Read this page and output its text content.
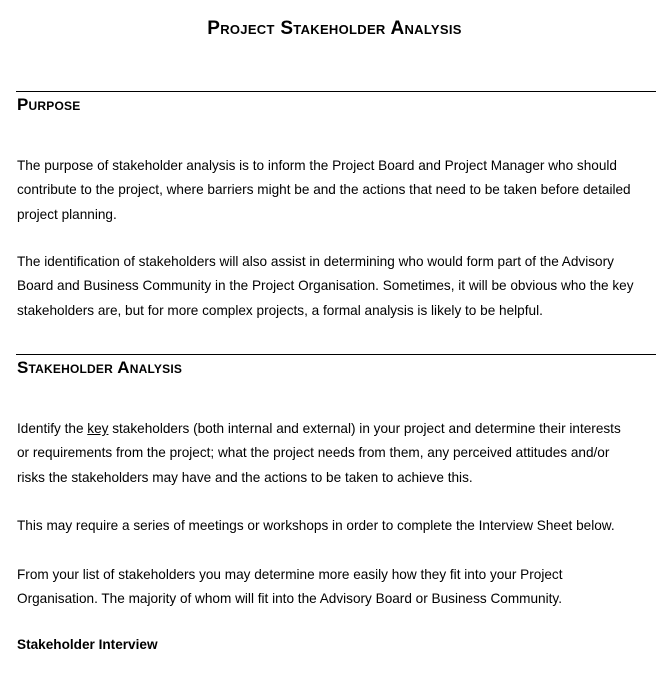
Project Stakeholder Analysis
Purpose
The purpose of stakeholder analysis is to inform the Project Board and Project Manager who should
contribute to the project, where barriers might be and the actions that need to be taken before detailed
project planning.
The identification of stakeholders will also assist in determining who would form part of the Advisory
Board and Business Community in the Project Organisation. Sometimes, it will be obvious who the key
stakeholders are, but for more complex projects, a formal analysis is likely to be helpful.
Stakeholder Analysis
Identify the key stakeholders (both internal and external) in your project and determine their interests
or requirements from the project; what the project needs from them, any perceived attitudes and/or
risks the stakeholders may have and the actions to be taken to achieve this.
This may require a series of meetings or workshops in order to complete the Interview Sheet below.
From your list of stakeholders you may determine more easily how they fit into your Project
Organisation. The majority of whom will fit into the Advisory Board or Business Community.
Stakeholder Interview
